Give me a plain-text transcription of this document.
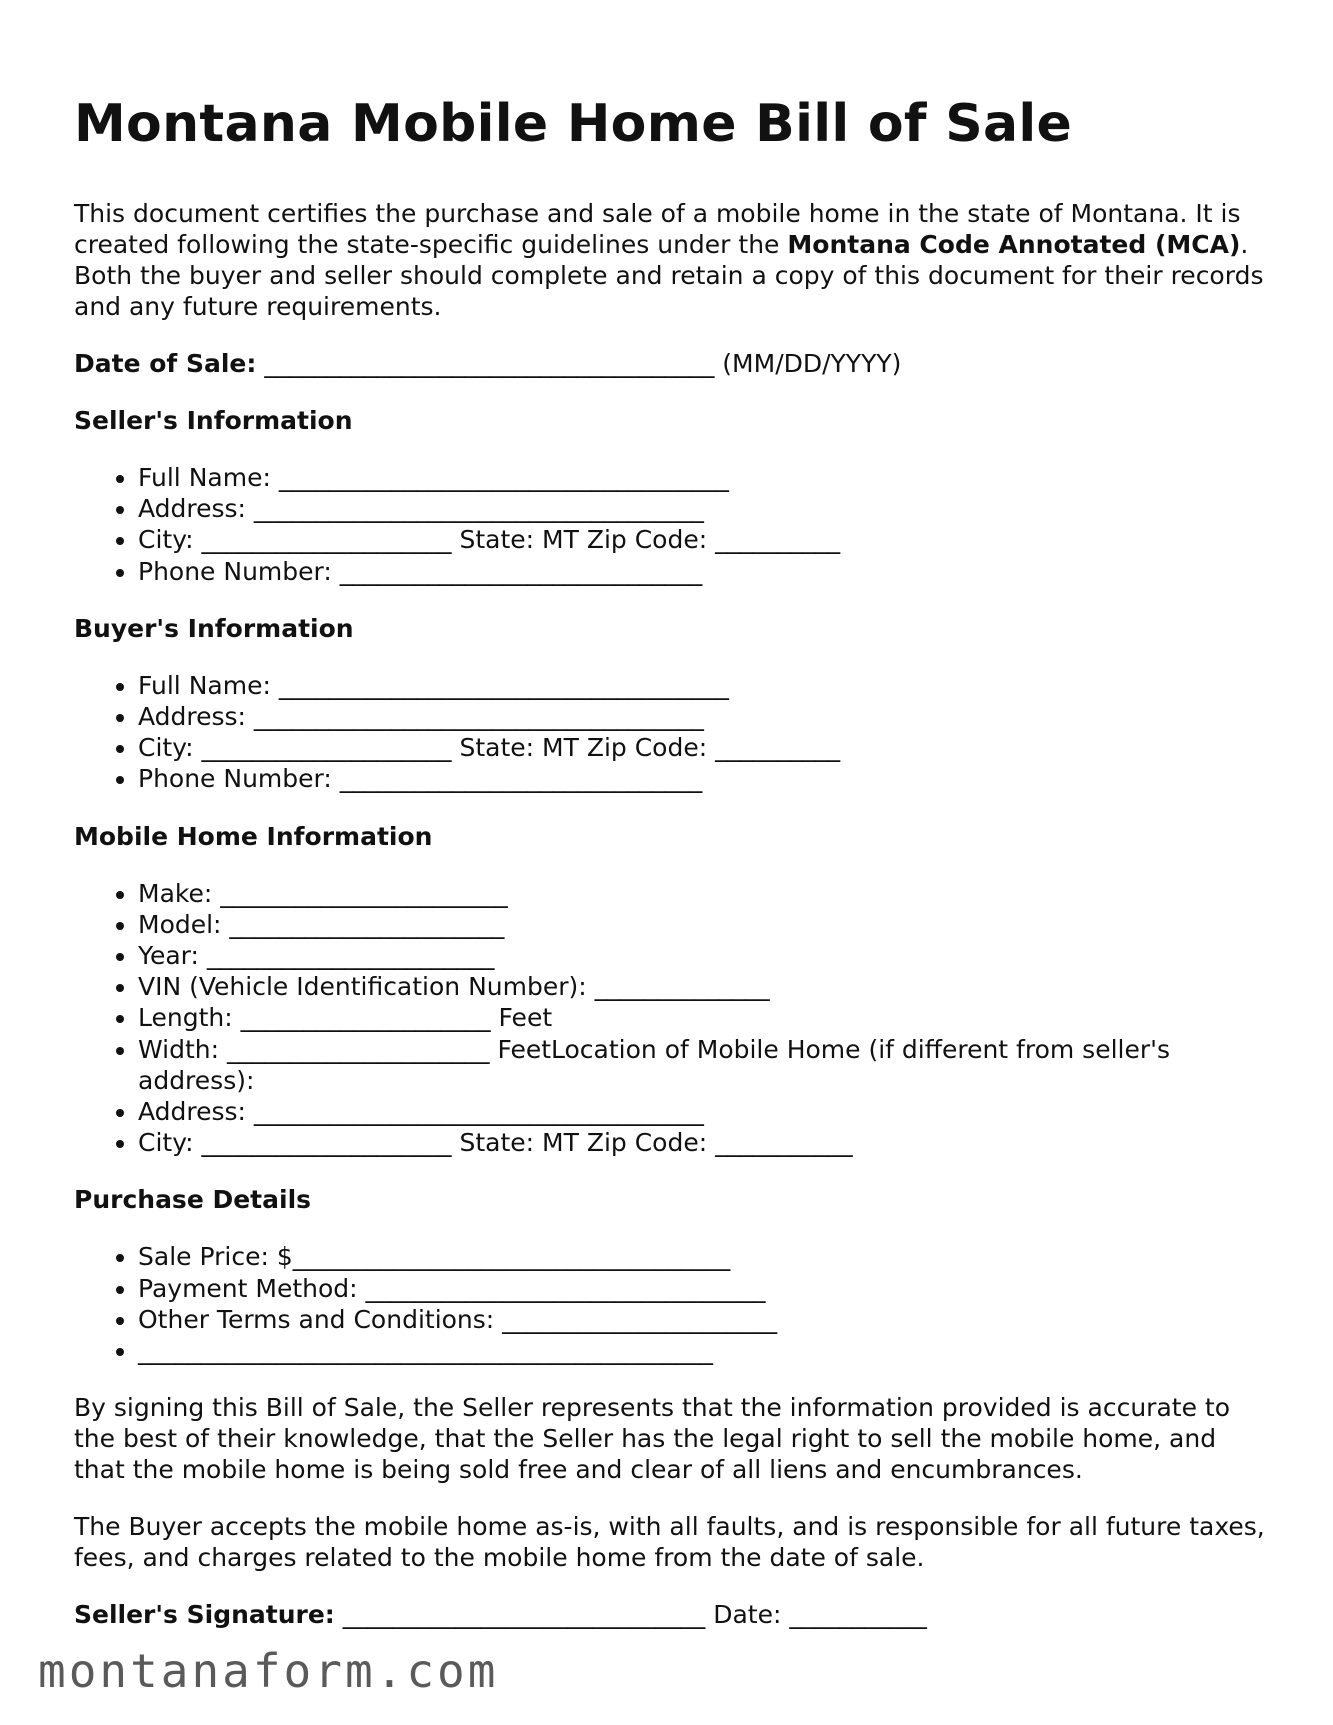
Montana Mobile Home Bill of Sale

This document certifies the purchase and sale of a mobile home in the state of Montana. It is created following the state-specific guidelines under the Montana Code Annotated (MCA). Both the buyer and seller should complete and retain a copy of this document for their records and any future requirements.

Date of Sale: ____________________________________ (MM/DD/YYYY)
Seller's Information
• Full Name: ____________________________________
• Address: ____________________________________
• City: ____________________ State: MT Zip Code: __________
• Phone Number: _____________________________
Buyer's Information
• Full Name: ____________________________________
• Address: ____________________________________
• City: ____________________ State: MT Zip Code: __________
• Phone Number: _____________________________
Mobile Home Information
• Make: _______________________
• Model: ______________________
• Year: _______________________
• VIN (Vehicle Identification Number): ______________
• Length: ____________________ Feet
• Width: _____________________ FeetLocation of Mobile Home (if different from seller's address):
• Address: ____________________________________
• City: ____________________ State: MT Zip Code: ___________
Purchase Details
• Sale Price: $___________________________________
• Payment Method: ________________________________
• Other Terms and Conditions: ______________________
• ______________________________________________

By signing this Bill of Sale, the Seller represents that the information provided is accurate to the best of their knowledge, that the Seller has the legal right to sell the mobile home, and that the mobile home is being sold free and clear of all liens and encumbrances.

The Buyer accepts the mobile home as-is, with all faults, and is responsible for all future taxes, fees, and charges related to the mobile home from the date of sale.

Seller's Signature: _____________________________ Date: ___________
montanaform.com
